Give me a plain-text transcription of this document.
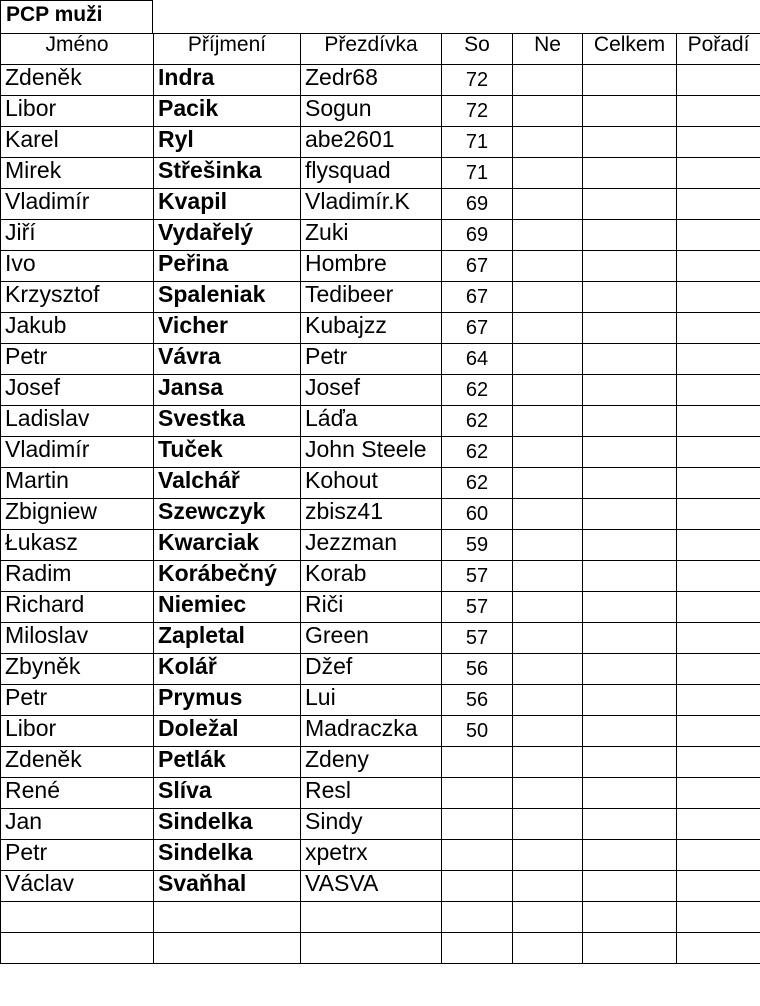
PCP muži
Jméno	Příjmení	Přezdívka	So	Ne	Celkem	Pořadí
Zdeněk	Indra	Zedr68	72			
Libor	Pacik	Sogun	72			
Karel	Ryl	abe2601	71			
Mirek	Střešinka	flysquad	71			
Vladimír	Kvapil	Vladimír.K	69			
Jiří	Vydařelý	Zuki	69			
Ivo	Peřina	Hombre	67			
Krzysztof	Spaleniak	Tedibeer	67			
Jakub	Vicher	Kubajzz	67			
Petr	Vávra	Petr	64			
Josef	Jansa	Josef	62			
Ladislav	Svestka	Láďa	62			
Vladimír	Tuček	John Steele	62			
Martin	Valchář	Kohout	62			
Zbigniew	Szewczyk	zbisz41	60			
Łukasz	Kwarciak	Jezzman	59			
Radim	Korábečný	Korab	57			
Richard	Niemiec	Riči	57			
Miloslav	Zapletal	Green	57			
Zbyněk	Kolář	Džef	56			
Petr	Prymus	Lui	56			
Libor	Doležal	Madraczka	50			
Zdeněk	Petlák	Zdeny				
René	Slíva	Resl				
Jan	Sindelka	Sindy				
Petr	Sindelka	xpetrx				
Václav	Svaňhal	VASVA				
